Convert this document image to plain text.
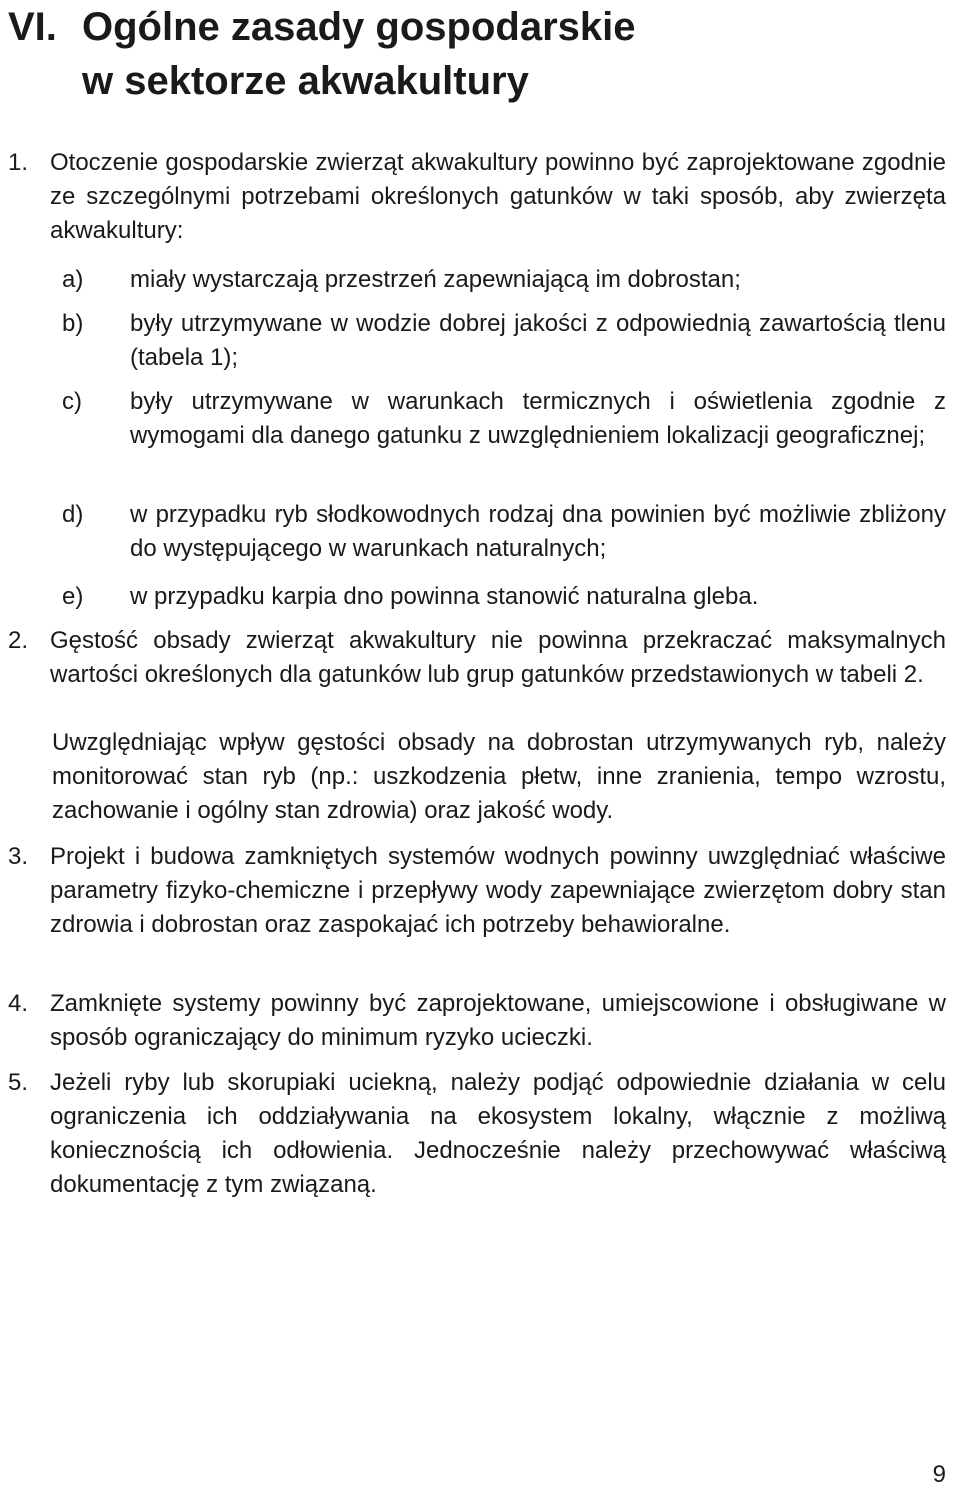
VI. Ogólne zasady gospodarskie
w sektorze akwakultury
1. Otoczenie gospodarskie zwierząt akwakultury powinno być zaprojektowane zgodnie ze szczególnymi potrzebami określonych gatunków w taki sposób, aby zwierzęta akwakultury:
a) miały wystarczają przestrzeń zapewniającą im dobrostan;
b) były utrzymywane w wodzie dobrej jakości z odpowiednią zawartością tlenu (tabela 1);
c) były utrzymywane w warunkach termicznych i oświetlenia zgodnie z wymogami dla danego gatunku z uwzględnieniem lokalizacji geograficznej;
d) w przypadku ryb słodkowodnych rodzaj dna powinien być możliwie zbliżony do występującego w warunkach naturalnych;
e) w przypadku karpia dno powinna stanowić naturalna gleba.
2. Gęstość obsady zwierząt akwakultury nie powinna przekraczać maksymalnych wartości określonych dla gatunków lub grup gatunków przedstawionych w tabeli 2.
Uwzględniając wpływ gęstości obsady na dobrostan utrzymywanych ryb, należy monitorować stan ryb (np.: uszkodzenia płetw, inne zranienia, tempo wzrostu, zachowanie i ogólny stan zdrowia) oraz jakość wody.
3. Projekt i budowa zamkniętych systemów wodnych powinny uwzględniać właściwe parametry fizyko-chemiczne i przepływy wody zapewniające zwierzętom dobry stan zdrowia i dobrostan oraz zaspokajać ich potrzeby behawioralne.
4. Zamknięte systemy powinny być zaprojektowane, umiejscowione i obsługiwane w sposób ograniczający do minimum ryzyko ucieczki.
5. Jeżeli ryby lub skorupiaki uciekną, należy podjąć odpowiednie działania w celu ograniczenia ich oddziaływania na ekosystem lokalny, włącznie z możliwą koniecznością ich odłowienia. Jednocześnie należy przechowywać właściwą dokumentację z tym związaną.
9
